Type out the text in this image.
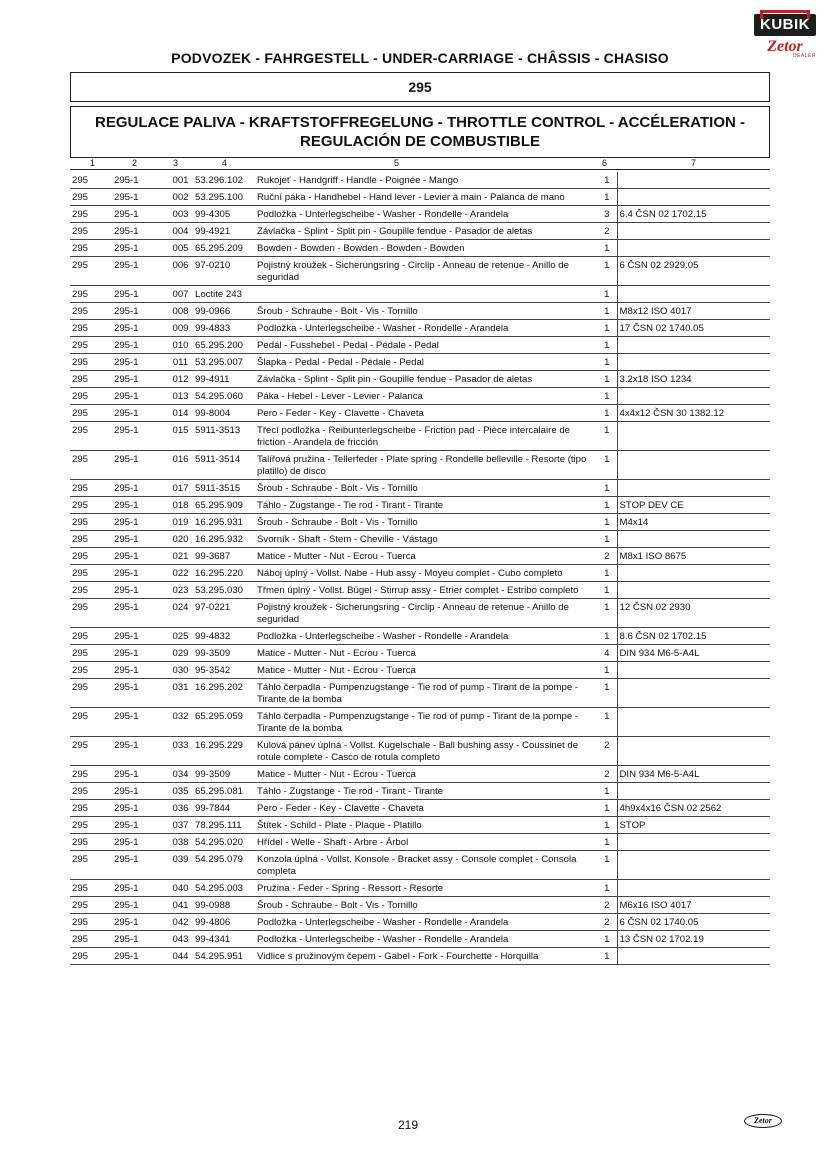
KUBIK
Zetor
DEALER
PODVOZEK - FAHRGESTELL - UNDER-CARRIAGE - CHÂSSIS - CHASISO
295
REGULACE PALIVA - KRAFTSTOFFREGELUNG - THROTTLE CONTROL - ACCÉLERATION -
REGULACIÓN DE COMBUSTIBLE
1	2	3	4	5	6	7
295	295-1	001	53.296.102	Rukojeť - Handgriff - Handle - Poignée - Mango	1	
295	295-1	002	53.295.100	Ruční páka - Handhebel - Hand lever - Levier à main - Palanca de mano	1	
295	295-1	003	99-4305	Podložka - Unterlegscheibe - Washer - Rondelle - Arandela	3	6.4 ČSN 02 1702.15
295	295-1	004	99-4921	Závlačka - Splint - Split pin - Goupille fendue - Pasador de aletas	2	
295	295-1	005	65.295.209	Bowden - Bowden - Bowden - Bowden - Bowden	1	
295	295-1	006	97-0210	Pojistný kroužek - Sicherungsring - Circlip - Anneau de retenue - Anillo de seguridad	1	6 ČSN 02 2929.05
295	295-1	007	Loctite 243		1	
295	295-1	008	99-0966	Šroub - Schraube - Bolt - Vis - Tornillo	1	M8x12 ISO 4017
295	295-1	009	99-4833	Podložka - Unterlegscheibe - Washer - Rondelle - Arandela	1	17 ČSN 02 1740.05
295	295-1	010	65.295.200	Pedál - Fusshebel - Pedal - Pédale - Pedal	1	
295	295-1	011	53.295.007	Šlapka - Pedal - Pedal - Pédale - Pedal	1	
295	295-1	012	99-4911	Závlačka - Splint - Split pin - Goupille fendue - Pasador de aletas	1	3.2x18 ISO 1234
295	295-1	013	54.295.060	Páka - Hebel - Lever - Levier - Palanca	1	
295	295-1	014	99-8004	Pero - Feder - Key - Clavette - Chaveta	1	4x4x12 ČSN 30 1382.12
295	295-1	015	5911-3513	Třecí podložka - Reibunterlegscheibe - Friction pad - Pièce intercalaire de friction - Arandela de fricción	1	
295	295-1	016	5911-3514	Talířová pružina - Tellerfeder - Plate spring - Rondelle belleville - Resorte (tipo platillo) de disco	1	
295	295-1	017	5911-3515	Šroub - Schraube - Bolt - Vis - Tornillo	1	
295	295-1	018	65.295.909	Táhlo - Zugstange - Tie rod - Tirant - Tirante	1	STOP DEV CE
295	295-1	019	16.295.931	Šroub - Schraube - Bolt - Vis - Tornillo	1	M4x14
295	295-1	020	16.295.932	Svorník - Shaft - Stem - Cheville - Vástago	1	
295	295-1	021	99-3687	Matice - Mutter - Nut - Ecrou - Tuerca	2	M8x1 ISO 8675
295	295-1	022	16.295.220	Náboj úplný - Vollst. Nabe - Hub assy - Moyeu complet - Cubo completo	1	
295	295-1	023	53.295.030	Třmen úplný - Vollst. Bügel - Stirrup assy - Etrier complet - Estribo completo	1	
295	295-1	024	97-0221	Pojistný kroužek - Sicherungsring - Circlip - Anneau de retenue - Anillo de seguridad	1	12 ČSN 02 2930
295	295-1	025	99-4832	Podložka - Unterlegscheibe - Washer - Rondelle - Arandela	1	8.6 ČSN 02 1702.15
295	295-1	029	99-3509	Matice - Mutter - Nut - Ecrou - Tuerca	4	DIN 934 M6-5-A4L
295	295-1	030	95-3542	Matice - Mutter - Nut - Ecrou - Tuerca	1	
295	295-1	031	16.295.202	Táhlo čerpadla - Pumpenzugstange - Tie rod of pump - Tirant de la pompe - Tirante de la bomba	1	
295	295-1	032	65.295.059	Táhlo čerpadla - Pumpenzugstange - Tie rod of pump - Tirant de la pompe - Tirante de la bomba	1	
295	295-1	033	16.295.229	Kulová pánev úplná - Vollst. Kugelschale - Ball bushing assy - Coussinet de rotule complete - Casco de rotula completo	2	
295	295-1	034	99-3509	Matice - Mutter - Nut - Ecrou - Tuerca	2	DIN 934 M6-5-A4L
295	295-1	035	65.295.081	Táhlo - Zugstange - Tie rod - Tirant - Tirante	1	
295	295-1	036	99-7844	Pero - Feder - Key - Clavette - Chaveta	1	4h9x4x16 ČSN 02 2562
295	295-1	037	78.295.111	Štítek - Schild - Plate - Plaque - Platillo	1	STOP
295	295-1	038	54.295.020	Hřídel - Welle - Shaft - Arbre - Árbol	1	
295	295-1	039	54.295.079	Konzola úplná - Vollst. Konsole - Bracket assy - Console complet - Consola completa	1	
295	295-1	040	54.295.003	Pružina - Feder - Spring - Ressort - Resorte	1	
295	295-1	041	99-0988	Šroub - Schraube - Bolt - Vis - Tornillo	2	M6x16 ISO 4017
295	295-1	042	99-4806	Podložka - Unterlegscheibe - Washer - Rondelle - Arandela	2	6 ČSN 02 1740.05
295	295-1	043	99-4341	Podložka - Unterlegscheibe - Washer - Rondelle - Arandela	1	13 ČSN 02 1702.19
295	295-1	044	54.295.951	Vidlice s pružinovým čepem - Gabel - Fork - Fourchette - Horquilla	1	
219	Zetor
